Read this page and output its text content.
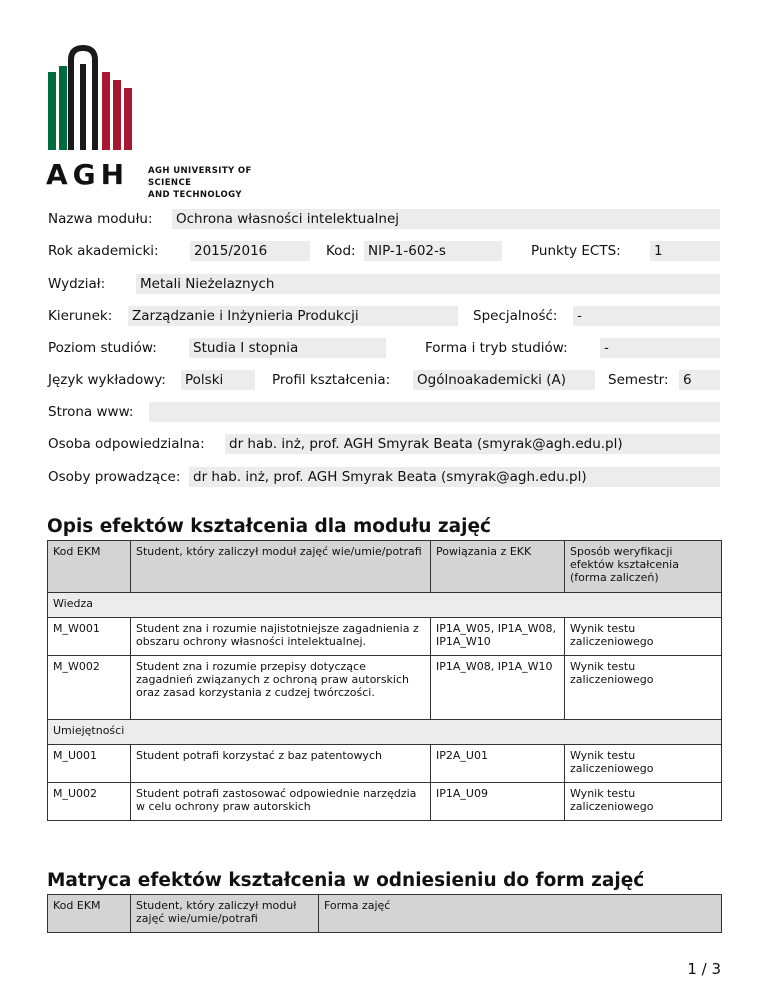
AGH AGH UNIVERSITY OF SCIENCE
AND TECHNOLOGY
Nazwa modułu: Ochrona własności intelektualnej
Rok akademicki:	2015/2016	Kod: NIP-1-602-s	Punkty ECTS: 1
Wydział:	Metali Nieżelaznych
Kierunek: Zarządzanie i Inżynieria Produkcji	Specjalność: -
Poziom studiów:	Studia I stopnia	Forma i tryb studiów:	-
Język wykładowy: Polski	Profil kształcenia: Ogólnoakademicki (A)	Semestr: 6
Strona www:
Osoba odpowiedzialna: dr hab. inż, prof. AGH Smyrak Beata (smyrak@agh.edu.pl)
Osoby prowadzące: dr hab. inż, prof. AGH Smyrak Beata (smyrak@agh.edu.pl)
Opis efektów kształcenia dla modułu zajęć
Kod EKM	Student, który zaliczył moduł zajęć wie/umie/potrafi	Powiązania z EKK	Sposób weryfikacji efektów kształcenia (forma zaliczeń)
Wiedza			
M_W001	Student zna i rozumie najistotniejsze zagadnienia z obszaru ochrony własności intelektualnej.	IP1A_W05, IP1A_W08, IP1A_W10	Wynik testu zaliczeniowego
M_W002	Student zna i rozumie przepisy dotyczące zagadnień związanych z ochroną praw autorskich oraz zasad korzystania z cudzej twórczości.	IP1A_W08, IP1A_W10	Wynik testu zaliczeniowego
Umiejętności			
M_U001	Student potrafi korzystać z baz patentowych	IP2A_U01	Wynik testu zaliczeniowego
M_U002	Student potrafi zastosować odpowiednie narzędzia w celu ochrony praw autorskich	IP1A_U09	Wynik testu zaliczeniowego
Matryca efektów kształcenia w odniesieniu do form zajęć
Kod EKM	Student, który zaliczył moduł zajęć wie/umie/potrafi	Forma zajęć
1 / 3
